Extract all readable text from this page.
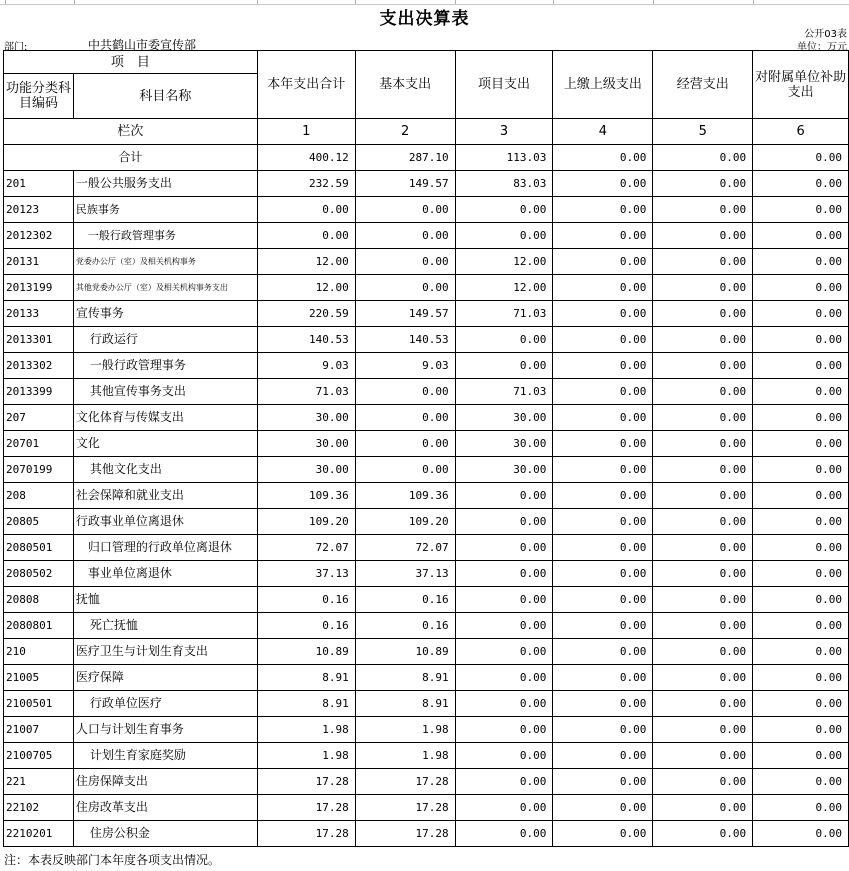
支出决算表
公开03表
单位：万元
部门:	中共鹤山市委宣传部
项　目		本年支出合计	基本支出	项目支出	上缴上级支出	经营支出	对附属单位补助支出
功能分类科目编码	科目名称						
栏次		1	2	3	4	5	6
合计		400.12	287.10	113.03	0.00	0.00	0.00
201	一般公共服务支出	232.59	149.57	83.03	0.00	0.00	0.00
20123	民族事务	0.00	0.00	0.00	0.00	0.00	0.00
2012302	一般行政管理事务	0.00	0.00	0.00	0.00	0.00	0.00
20131	党委办公厅（室）及相关机构事务	12.00	0.00	12.00	0.00	0.00	0.00
2013199	其他党委办公厅（室）及相关机构事务支出	12.00	0.00	12.00	0.00	0.00	0.00
20133	宣传事务	220.59	149.57	71.03	0.00	0.00	0.00
2013301	行政运行	140.53	140.53	0.00	0.00	0.00	0.00
2013302	一般行政管理事务	9.03	9.03	0.00	0.00	0.00	0.00
2013399	其他宣传事务支出	71.03	0.00	71.03	0.00	0.00	0.00
207	文化体育与传媒支出	30.00	0.00	30.00	0.00	0.00	0.00
20701	文化	30.00	0.00	30.00	0.00	0.00	0.00
2070199	其他文化支出	30.00	0.00	30.00	0.00	0.00	0.00
208	社会保障和就业支出	109.36	109.36	0.00	0.00	0.00	0.00
20805	行政事业单位离退休	109.20	109.20	0.00	0.00	0.00	0.00
2080501	归口管理的行政单位离退休	72.07	72.07	0.00	0.00	0.00	0.00
2080502	事业单位离退休	37.13	37.13	0.00	0.00	0.00	0.00
20808	抚恤	0.16	0.16	0.00	0.00	0.00	0.00
2080801	死亡抚恤	0.16	0.16	0.00	0.00	0.00	0.00
210	医疗卫生与计划生育支出	10.89	10.89	0.00	0.00	0.00	0.00
21005	医疗保障	8.91	8.91	0.00	0.00	0.00	0.00
2100501	行政单位医疗	8.91	8.91	0.00	0.00	0.00	0.00
21007	人口与计划生育事务	1.98	1.98	0.00	0.00	0.00	0.00
2100705	计划生育家庭奖励	1.98	1.98	0.00	0.00	0.00	0.00
221	住房保障支出	17.28	17.28	0.00	0.00	0.00	0.00
22102	住房改革支出	17.28	17.28	0.00	0.00	0.00	0.00
2210201	住房公积金	17.28	17.28	0.00	0.00	0.00	0.00
注：本表反映部门本年度各项支出情况。
